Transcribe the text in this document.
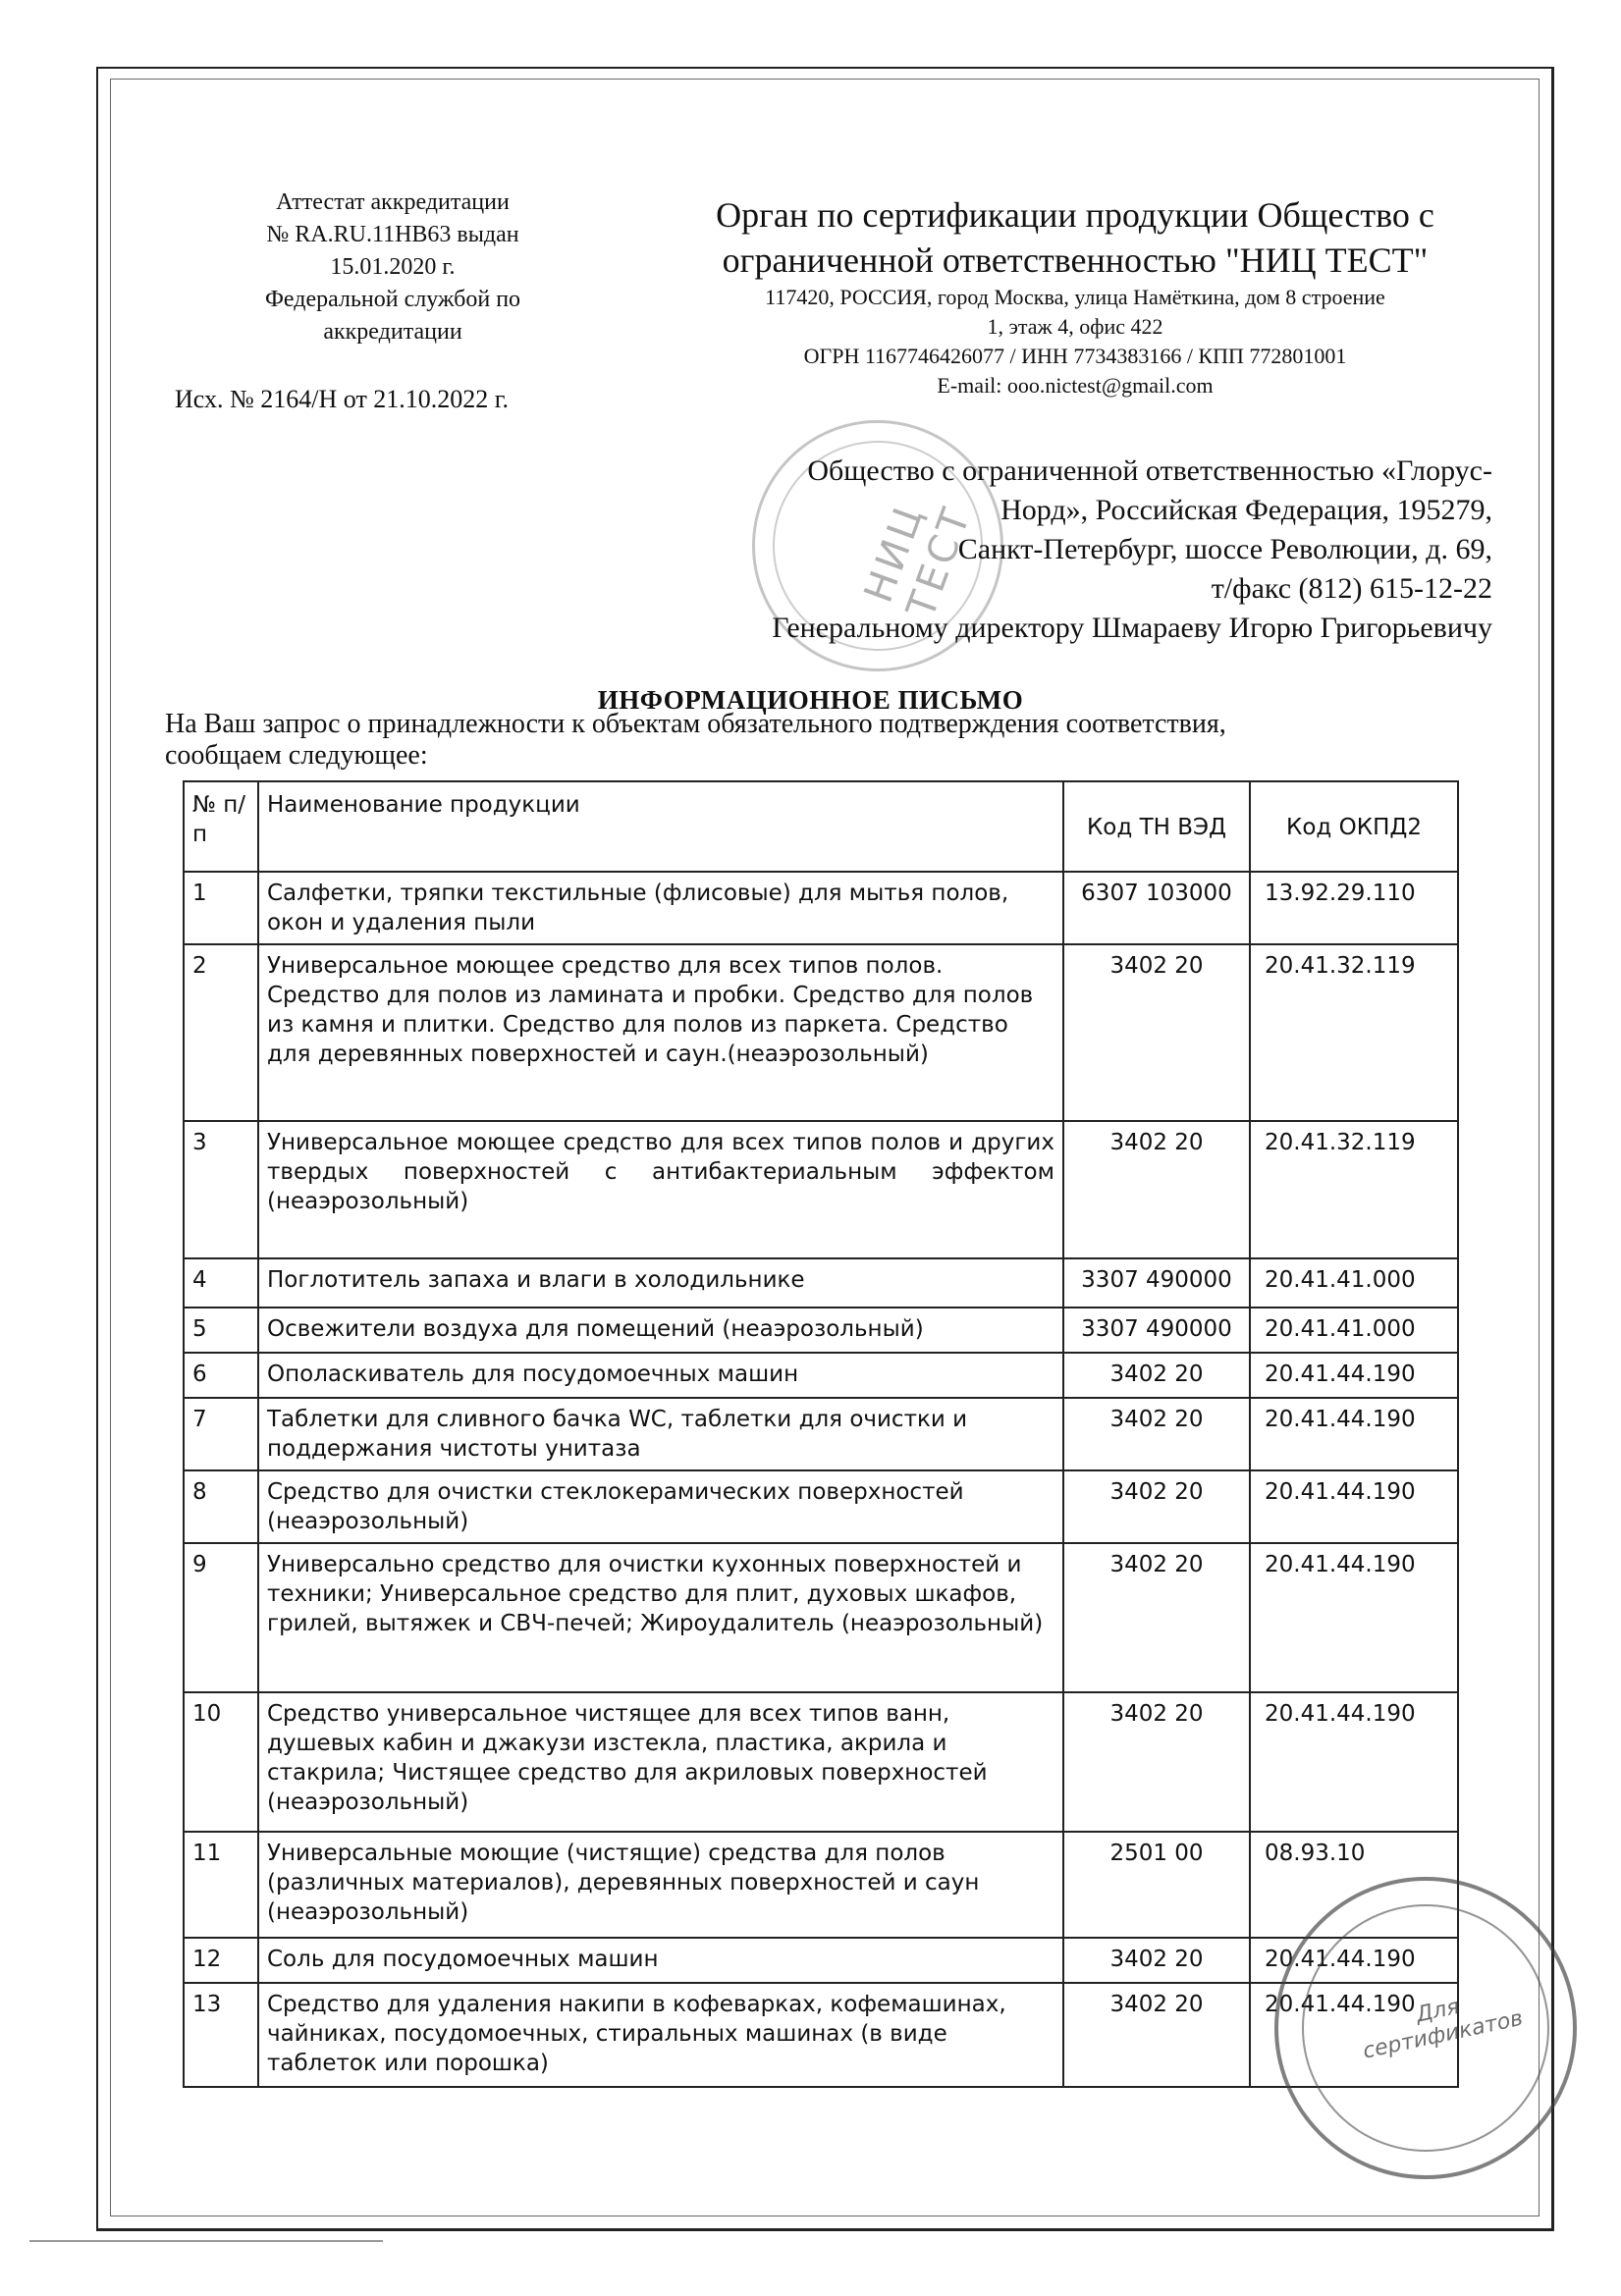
Аттестат аккредитации
№ RA.RU.11НВ63 выдан
15.01.2020 г.
Федеральной службой по
аккредитации
Исх. № 2164/Н от 21.10.2022 г.
Орган по сертификации продукции Общество с
ограниченной ответственностью "НИЦ ТЕСТ"
117420, РОССИЯ, город Москва, улица Намёткина, дом 8 строение
1, этаж 4, офис 422
ОГРН 1167746426077 / ИНН 7734383166 / КПП 772801001
E-mail: ooo.nictest@gmail.com
НИЦ ТЕСТ
Общество с ограниченной ответственностью «Глорус-
Норд», Российская Федерация, 195279,
Санкт-Петербург, шоссе Революции, д. 69,
т/факс (812) 615-12-22
Генеральному директору Шмараеву Игорю Григорьевичу
ИНФОРМАЦИОННОЕ ПИСЬМО
На Ваш запрос о принадлежности к объектам обязательного подтверждения соответствия,
сообщаем следующее:
№ п/п	Наименование продукции	Код ТН ВЭД	Код ОКПД2
1	Салфетки, тряпки текстильные (флисовые) для мытья полов, окон и удаления пыли	6307 103000	13.92.29.110
2	Универсальное моющее средство для всех типов полов. Средство для полов из ламината и пробки. Средство для полов из камня и плитки. Средство для полов из паркета. Средство для деревянных поверхностей и саун.(неаэрозольный)	3402 20	20.41.32.119
3	Универсальное моющее средство для всех типов полов и других твердых поверхностей с антибактериальным эффектом (неаэрозольный)	3402 20	20.41.32.119
4	Поглотитель запаха и влаги в холодильнике	3307 490000	20.41.41.000
5	Освежители воздуха для помещений (неаэрозольный)	3307 490000	20.41.41.000
6	Ополаскиватель для посудомоечных машин	3402 20	20.41.44.190
7	Таблетки для сливного бачка WC, таблетки для очистки и поддержания чистоты унитаза	3402 20	20.41.44.190
8	Средство для очистки стеклокерамических поверхностей (неаэрозольный)	3402 20	20.41.44.190
9	Универсально средство для очистки кухонных поверхностей и техники; Универсальное средство для плит, духовых шкафов, грилей, вытяжек и СВЧ-печей; Жироудалитель (неаэрозольный)	3402 20	20.41.44.190
10	Средство универсальное чистящее для всех типов ванн, душевых кабин и джакузи изстекла, пластика, акрила и стакрила; Чистящее средство для акриловых поверхностей (неаэрозольный)	3402 20	20.41.44.190
11	Универсальные моющие (чистящие) средства для полов (различных материалов), деревянных поверхностей и саун (неаэрозольный)	2501 00	08.93.10
12	Соль для посудомоечных машин	3402 20	20.41.44.190
13	Средство для удаления накипи в кофеварках, кофемашинах, чайниках, посудомоечных, стиральных машинах (в виде таблеток или порошка)	3402 20	20.41.44.190
Для сертификатов
